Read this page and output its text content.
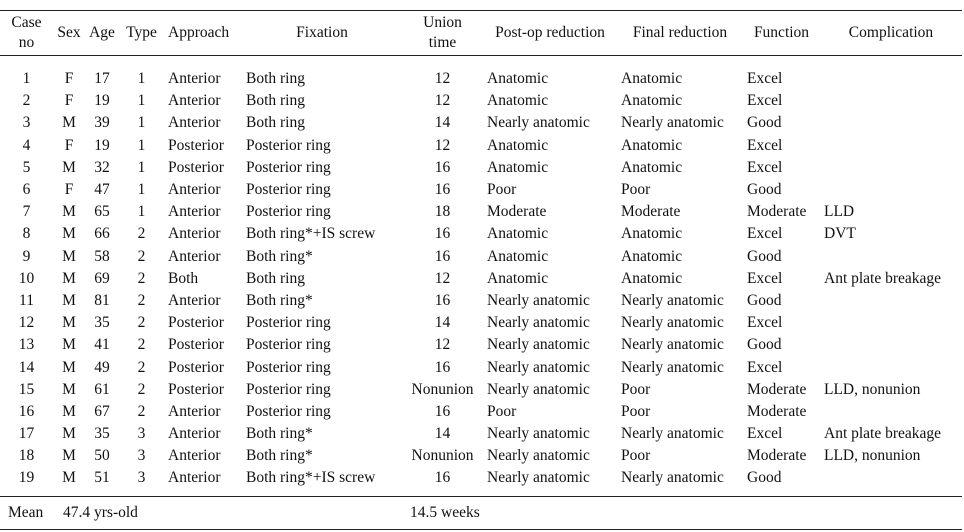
Case no	Sex	Age	Type	Approach	Fixation	Union time	Post-op reduction	Final reduction	Function	Complication

1	F	17	1	Anterior	Both ring	12	Anatomic	Anatomic	Excel	
2	F	19	1	Anterior	Both ring	12	Anatomic	Anatomic	Excel	
3	M	39	1	Anterior	Both ring	14	Nearly anatomic	Nearly anatomic	Good	
4	F	19	1	Posterior	Posterior ring	12	Anatomic	Anatomic	Excel	
5	M	32	1	Posterior	Posterior ring	16	Anatomic	Anatomic	Excel	
6	F	47	1	Anterior	Posterior ring	16	Poor	Poor	Good	
7	M	65	1	Anterior	Posterior ring	18	Moderate	Moderate	Moderate	LLD
8	M	66	2	Anterior	Both ring*+IS screw	16	Anatomic	Anatomic	Excel	DVT
9	M	58	2	Anterior	Both ring*	16	Anatomic	Anatomic	Good	
10	M	69	2	Both	Both ring	12	Anatomic	Anatomic	Excel	Ant plate breakage
11	M	81	2	Anterior	Both ring*	16	Nearly anatomic	Nearly anatomic	Good	
12	M	35	2	Posterior	Posterior ring	14	Nearly anatomic	Nearly anatomic	Excel	
13	M	41	2	Posterior	Posterior ring	12	Nearly anatomic	Nearly anatomic	Good	
14	M	49	2	Posterior	Posterior ring	16	Nearly anatomic	Nearly anatomic	Excel	
15	M	61	2	Posterior	Posterior ring	Nonunion	Nearly anatomic	Poor	Moderate	LLD, nonunion
16	M	67	2	Anterior	Posterior ring	16	Poor	Poor	Moderate	
17	M	35	3	Anterior	Both ring*	14	Nearly anatomic	Nearly anatomic	Excel	Ant plate breakage
18	M	50	3	Anterior	Both ring*	Nonunion	Nearly anatomic	Poor	Moderate	LLD, nonunion
19	M	51	3	Anterior	Both ring*+IS screw	16	Nearly anatomic	Nearly anatomic	Good	

Mean	47.4 yrs-old					14.5 weeks				
